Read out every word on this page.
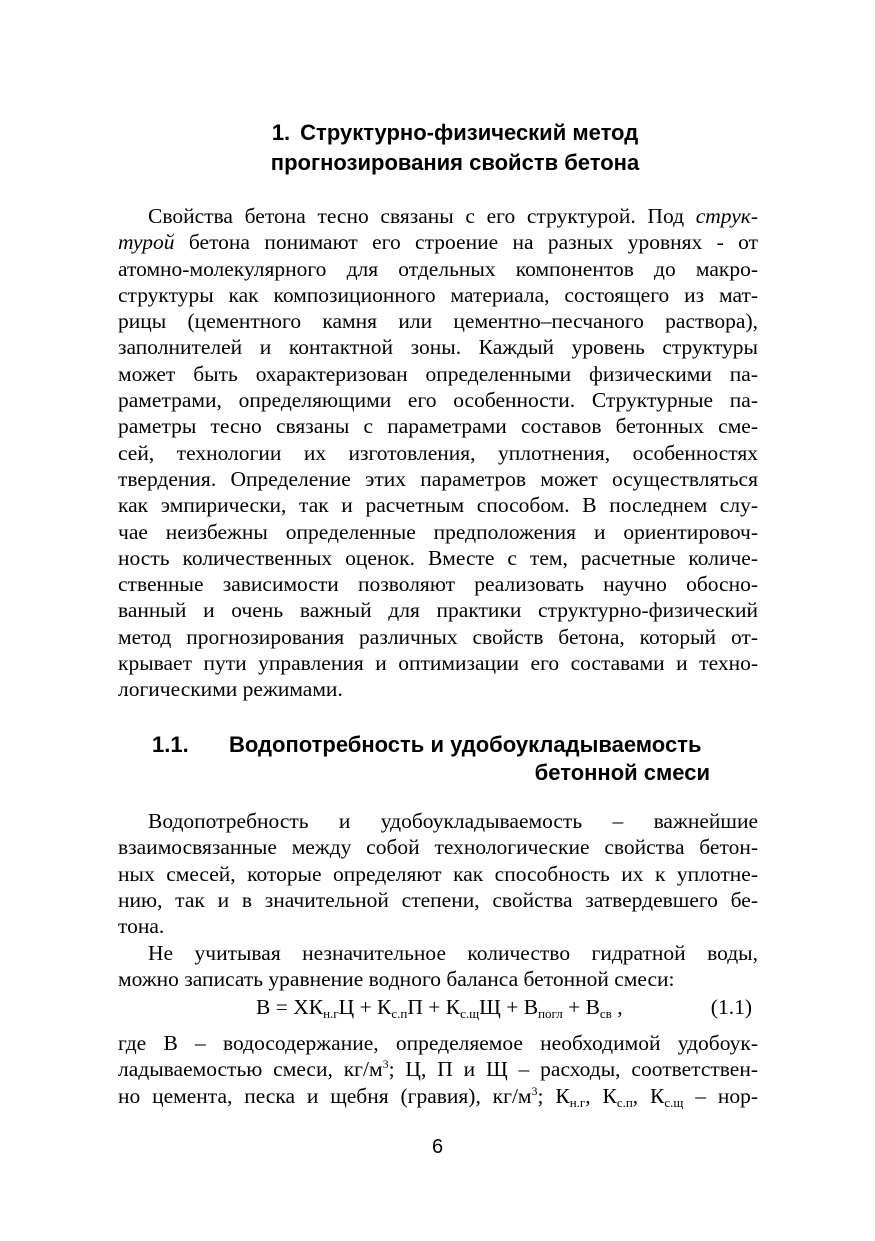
1. Структурно-физический метод
прогнозирования свойств бетона
Свойства бетона тесно связаны с его структурой. Под струк-
турой бетона понимают его строение на разных уровнях - от
атомно-молекулярного для отдельных компонентов до макро-
структуры как композиционного материала, состоящего из мат-
рицы (цементного камня или цементно–песчаного раствора),
заполнителей и контактной зоны. Каждый уровень структуры
может быть охарактеризован определенными физическими па-
раметрами, определяющими его особенности. Структурные па-
раметры тесно связаны с параметрами составов бетонных сме-
сей, технологии их изготовления, уплотнения, особенностях
твердения. Определение этих параметров может осуществляться
как эмпирически, так и расчетным способом. В последнем слу-
чае неизбежны определенные предположения и ориентировоч-
ность количественных оценок. Вместе с тем, расчетные количе-
ственные зависимости позволяют реализовать научно обосно-
ванный и очень важный для практики структурно-физический
метод прогнозирования различных свойств бетона, который от-
крывает пути управления и оптимизации его составами и техно-
логическими режимами.
1.1. Водопотребность и удобоукладываемость
бетонной смеси
Водопотребность и удобоукладываемость – важнейшие
взаимосвязанные между собой технологические свойства бетон-
ных смесей, которые определяют как способность их к уплотне-
нию, так и в значительной степени, свойства затвердевшего бе-
тона.
Не учитывая незначительное количество гидратной воды,
можно записать уравнение водного баланса бетонной смеси:
$В = ХК_{н.г}Ц + К_{с.п}П + К_{с.щ}Щ + В_{погл} + В_{св}$ ,	(1.1)
где В – водосодержание, определяемое необходимой удобоук-
ладываемостью смеси, $кг/м^3$; Ц, П и Щ – расходы, соответствен-
но цемента, песка и щебня (гравия), $кг/м^3$; $К_{н.г}$, $К_{с.п}$, $К_{с.щ} - нор-$
6
